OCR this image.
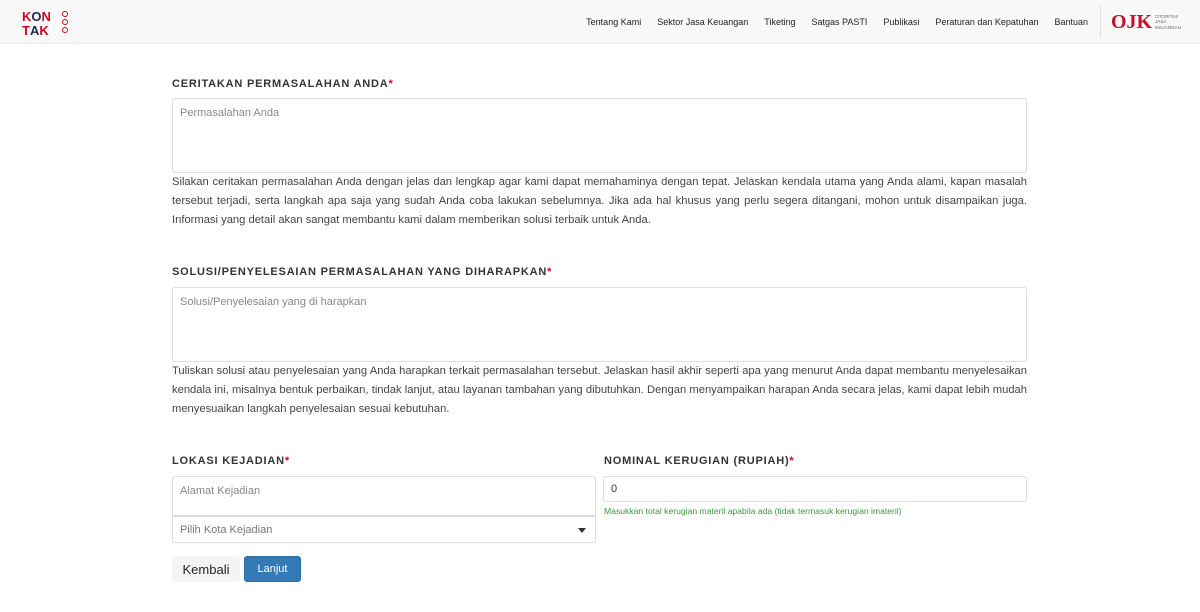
K O N
T A K
Tentang Kami Sektor Jasa Keuangan Tiketing Satgas PASTI Publikasi Peraturan dan Kepatuhan Bantuan OJK OTORITAS
JASA
KEUANGAN
CERITAKAN PERMASALAHAN ANDA*
Permasalahan Anda

Silakan ceritakan permasalahan Anda dengan jelas dan lengkap agar kami dapat memahaminya dengan tepat. Jelaskan kendala utama yang Anda alami, kapan masalah tersebut terjadi, serta langkah apa saja yang sudah Anda coba lakukan sebelumnya. Jika ada hal khusus yang perlu segera ditangani, mohon untuk disampaikan juga. Informasi yang detail akan sangat membantu kami dalam memberikan solusi terbaik untuk Anda.

SOLUSI/PENYELESAIAN PERMASALAHAN YANG DIHARAPKAN*
Solusi/Penyelesaian yang di harapkan

Tuliskan solusi atau penyelesaian yang Anda harapkan terkait permasalahan tersebut. Jelaskan hasil akhir seperti apa yang menurut Anda dapat membantu menyelesaikan kendala ini, misalnya bentuk perbaikan, tindak lanjut, atau layanan tambahan yang dibutuhkan. Dengan menyampaikan harapan Anda secara jelas, kami dapat lebih mudah menyesuaikan langkah penyelesaian sesuai kebutuhan.

LOKASI KEJADIAN*
Alamat Kejadian
Pilih Kota Kejadian
NOMINAL KERUGIAN (RUPIAH)*
0
Masukkan total kerugian materil apabila ada (tidak termasuk kerugian imateril)
Kembali	Lanjut
